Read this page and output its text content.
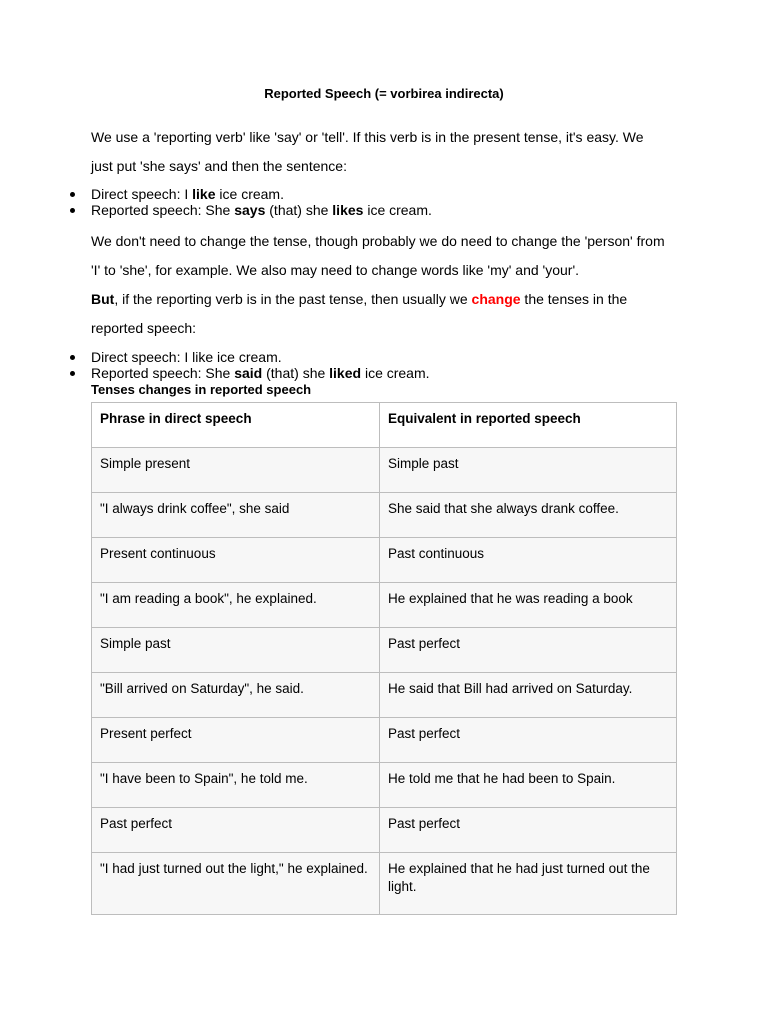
Reported Speech (= vorbirea indirecta)

We use a 'reporting verb' like 'say' or 'tell'. If this verb is in the present tense, it's easy. We
just put 'she says' and then the sentence:

Direct speech: I like ice cream.
Reported speech: She says (that) she likes ice cream.

We don't need to change the tense, though probably we do need to change the 'person' from
'I' to 'she', for example. We also may need to change words like 'my' and 'your'.
But, if the reporting verb is in the past tense, then usually we change the tenses in the
reported speech:

Direct speech: I like ice cream.
Reported speech: She said (that) she liked ice cream.
Tenses changes in reported speech
Phrase in direct speech	Equivalent in reported speech
Simple present	Simple past
"I always drink coffee", she said	She said that she always drank coffee.
Present continuous	Past continuous
"I am reading a book", he explained.	He explained that he was reading a book
Simple past	Past perfect
"Bill arrived on Saturday", he said.	He said that Bill had arrived on Saturday.
Present perfect	Past perfect
"I have been to Spain", he told me.	He told me that he had been to Spain.
Past perfect	Past perfect
"I had just turned out the light," he explained.	He explained that he had just turned out the light.
